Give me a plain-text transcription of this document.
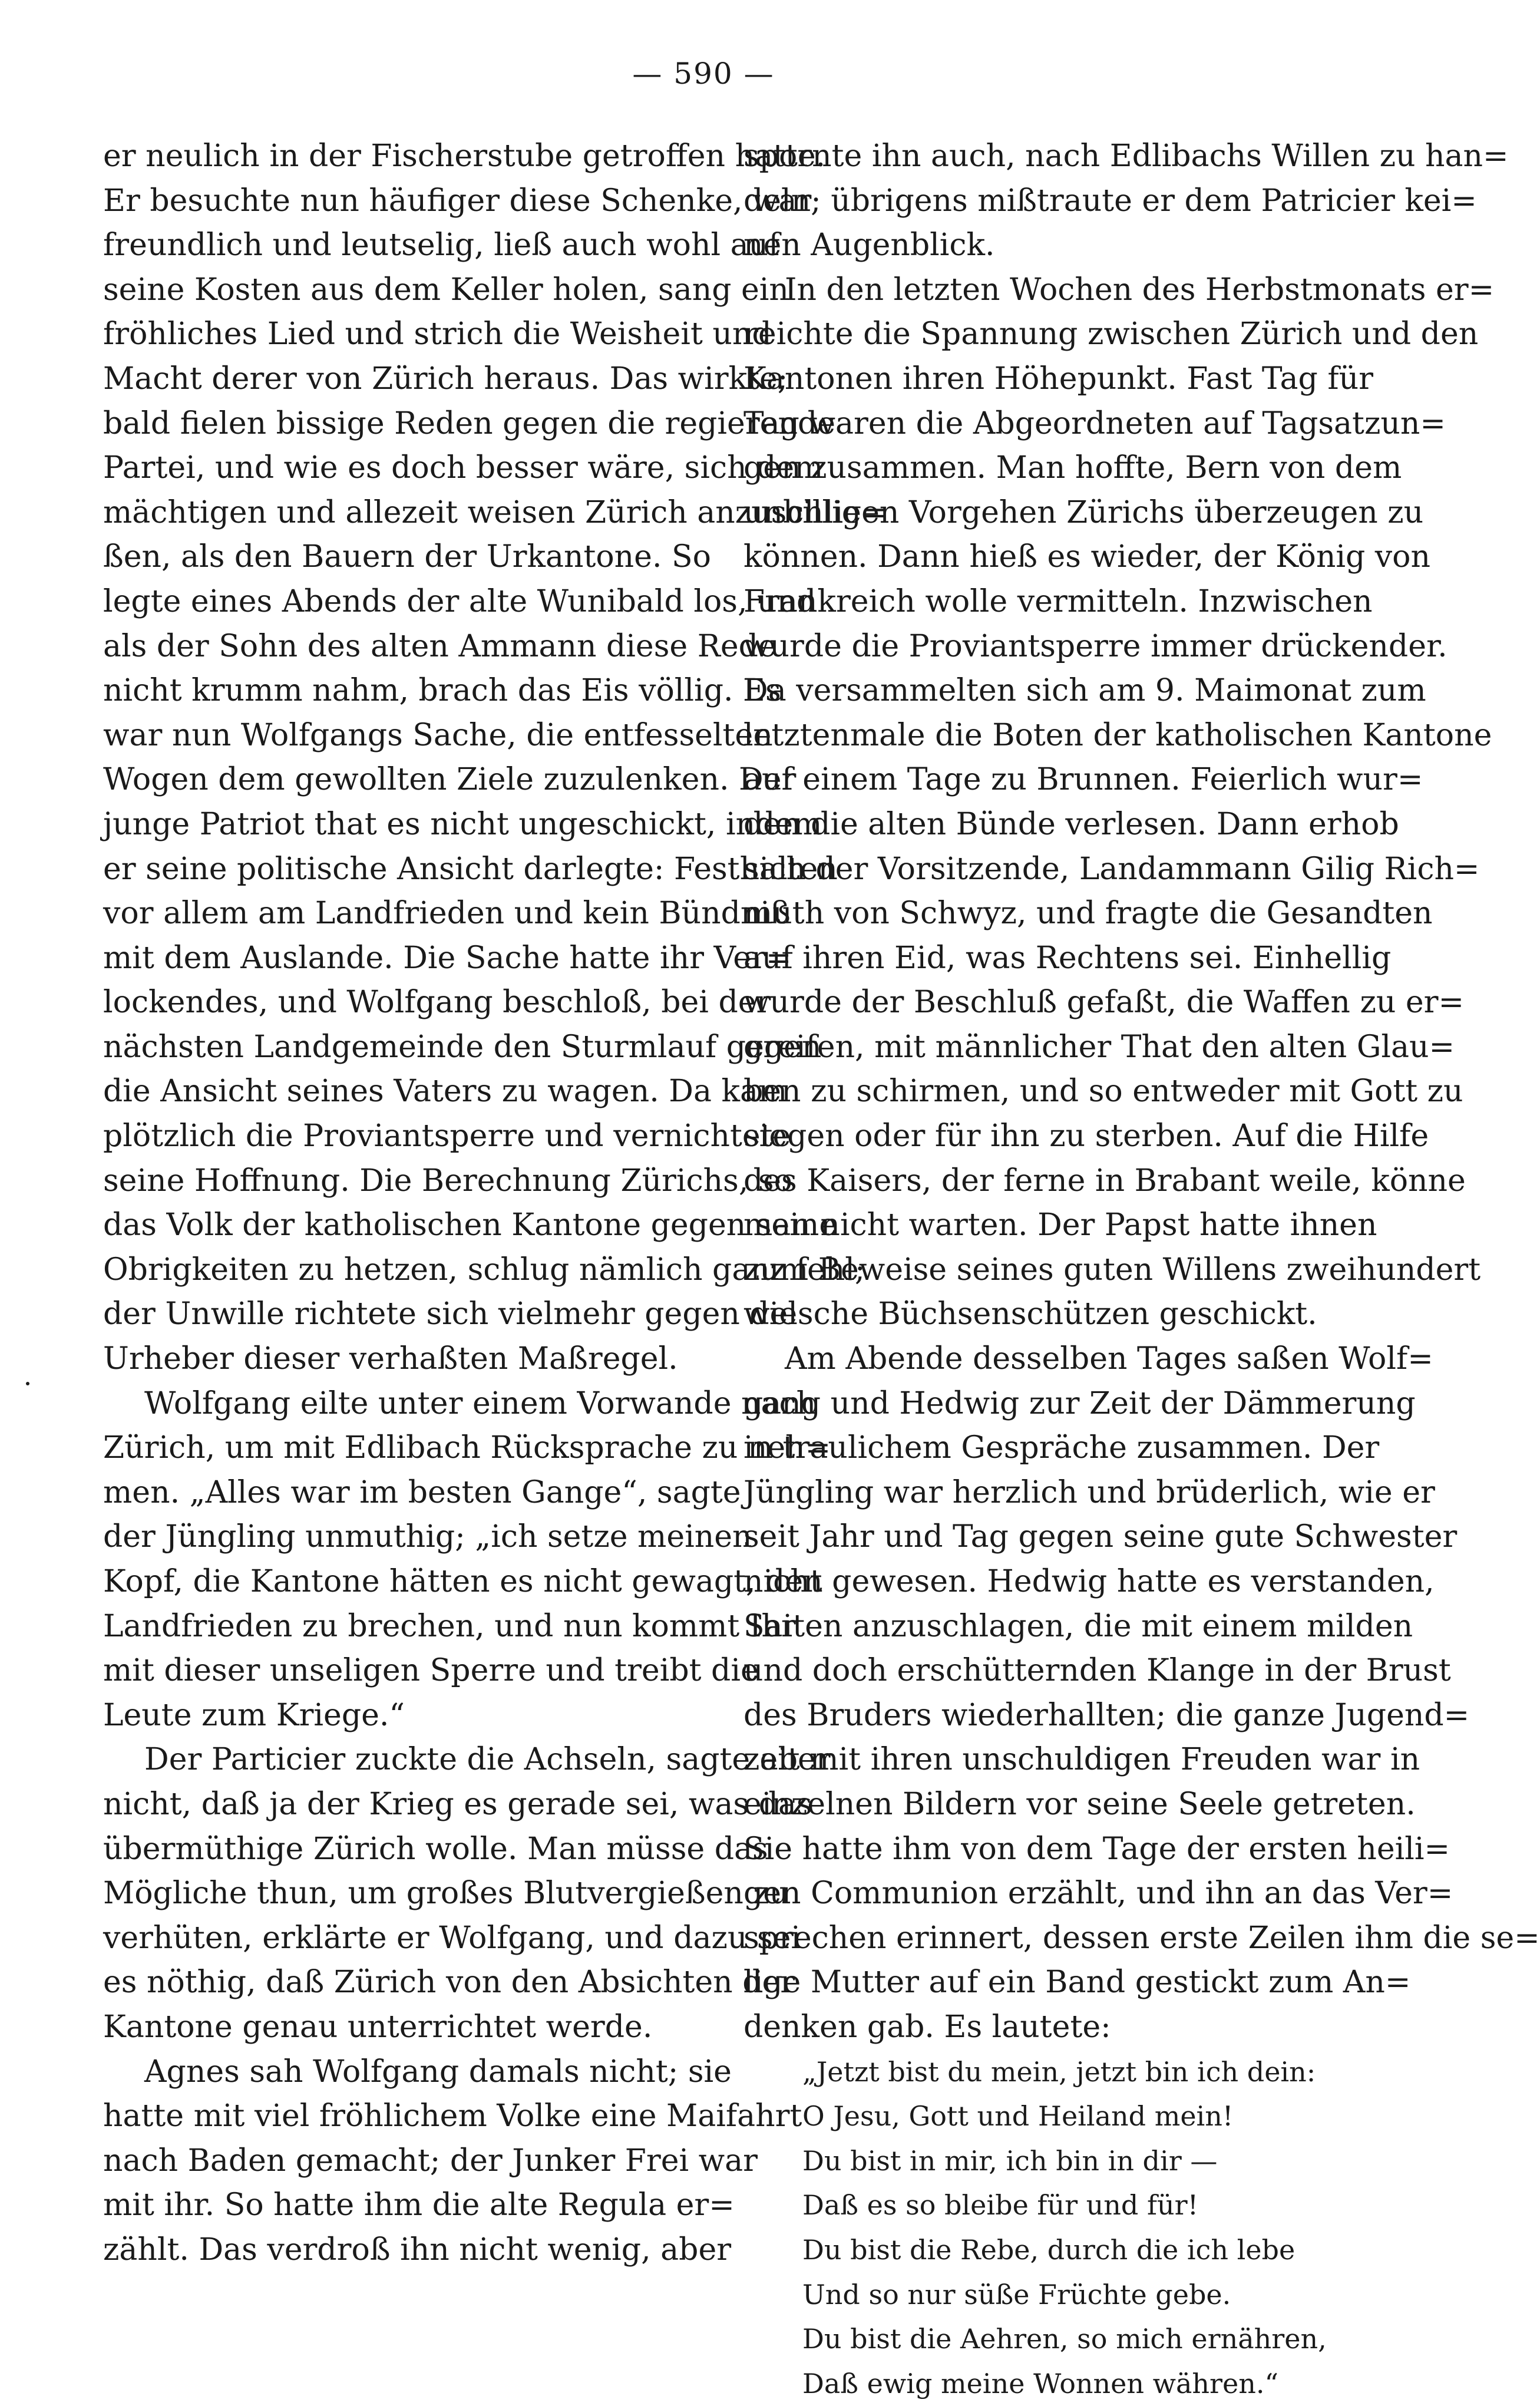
— 590 —
er neulich in der Fischerstube getroffen hatte.
Er besuchte nun häufiger diese Schenke, war
freundlich und leutselig, ließ auch wohl auf
seine Kosten aus dem Keller holen, sang ein
fröhliches Lied und strich die Weisheit und
Macht derer von Zürich heraus. Das wirkte;
bald fielen bissige Reden gegen die regierende
Partei, und wie es doch besser wäre, sich dem
mächtigen und allezeit weisen Zürich anzuschlie=
ßen, als den Bauern der Urkantone. So
legte eines Abends der alte Wunibald los, und
als der Sohn des alten Ammann diese Rede
nicht krumm nahm, brach das Eis völlig. Es
war nun Wolfgangs Sache, die entfesselten
Wogen dem gewollten Ziele zuzulenken. Der
junge Patriot that es nicht ungeschickt, indem
er seine politische Ansicht darlegte: Festhalten
vor allem am Landfrieden und kein Bündniß
mit dem Auslande. Die Sache hatte ihr Ver=
lockendes, und Wolfgang beschloß, bei der
nächsten Landgemeinde den Sturmlauf gegen
die Ansicht seines Vaters zu wagen. Da kam
plötzlich die Proviantsperre und vernichtete
seine Hoffnung. Die Berechnung Zürichs, so
das Volk der katholischen Kantone gegen seine
Obrigkeiten zu hetzen, schlug nämlich ganz fehl;
der Unwille richtete sich vielmehr gegen die
Urheber dieser verhaßten Maßregel.
Wolfgang eilte unter einem Vorwande nach
Zürich, um mit Edlibach Rücksprache zu neh=
men. „Alles war im besten Gange“, sagte
der Jüngling unmuthig; „ich setze meinen
Kopf, die Kantone hätten es nicht gewagt, den
Landfrieden zu brechen, und nun kommt Ihr
mit dieser unseligen Sperre und treibt die
Leute zum Kriege.“
Der Particier zuckte die Achseln, sagte aber
nicht, daß ja der Krieg es gerade sei, was das
übermüthige Zürich wolle. Man müsse das
Mögliche thun, um großes Blutvergießen zu
verhüten, erklärte er Wolfgang, und dazu sei
es nöthig, daß Zürich von den Absichten der
Kantone genau unterrichtet werde.
Agnes sah Wolfgang damals nicht; sie
hatte mit viel fröhlichem Volke eine Maifahrt
nach Baden gemacht; der Junker Frei war
mit ihr. So hatte ihm die alte Regula er=
zählt. Das verdroß ihn nicht wenig, aber
spornte ihn auch, nach Edlibachs Willen zu han=
deln; übrigens mißtraute er dem Patricier kei=
nen Augenblick.
In den letzten Wochen des Herbstmonats er=
reichte die Spannung zwischen Zürich und den
Kantonen ihren Höhepunkt. Fast Tag für
Tag waren die Abgeordneten auf Tagsatzun=
gen zusammen. Man hoffte, Bern von dem
unbilligen Vorgehen Zürichs überzeugen zu
können. Dann hieß es wieder, der König von
Frankreich wolle vermitteln. Inzwischen
wurde die Proviantsperre immer drückender.
Da versammelten sich am 9. Maimonat zum
letztenmale die Boten der katholischen Kantone
auf einem Tage zu Brunnen. Feierlich wur=
den die alten Bünde verlesen. Dann erhob
sich der Vorsitzende, Landammann Gilig Rich=
muth von Schwyz, und fragte die Gesandten
auf ihren Eid, was Rechtens sei. Einhellig
wurde der Beschluß gefaßt, die Waffen zu er=
greifen, mit männlicher That den alten Glau=
ben zu schirmen, und so entweder mit Gott zu
siegen oder für ihn zu sterben. Auf die Hilfe
des Kaisers, der ferne in Brabant weile, könne
man nicht warten. Der Papst hatte ihnen
zum Beweise seines guten Willens zweihundert
welsche Büchsenschützen geschickt.
Am Abende desselben Tages saßen Wolf=
gang und Hedwig zur Zeit der Dämmerung
in traulichem Gespräche zusammen. Der
Jüngling war herzlich und brüderlich, wie er
seit Jahr und Tag gegen seine gute Schwester
nicht gewesen. Hedwig hatte es verstanden,
Saiten anzuschlagen, die mit einem milden
und doch erschütternden Klange in der Brust
des Bruders wiederhallten; die ganze Jugend=
zeit mit ihren unschuldigen Freuden war in
einzelnen Bildern vor seine Seele getreten.
Sie hatte ihm von dem Tage der ersten heili=
gen Communion erzählt, und ihn an das Ver=
sprechen erinnert, dessen erste Zeilen ihm die se=
lige Mutter auf ein Band gestickt zum An=
denken gab. Es lautete:
„Jetzt bist du mein, jetzt bin ich dein:
O Jesu, Gott und Heiland mein!
Du bist in mir, ich bin in dir —
Daß es so bleibe für und für!
Du bist die Rebe, durch die ich lebe
Und so nur süße Früchte gebe.
Du bist die Aehren, so mich ernähren,
Daß ewig meine Wonnen währen.“
